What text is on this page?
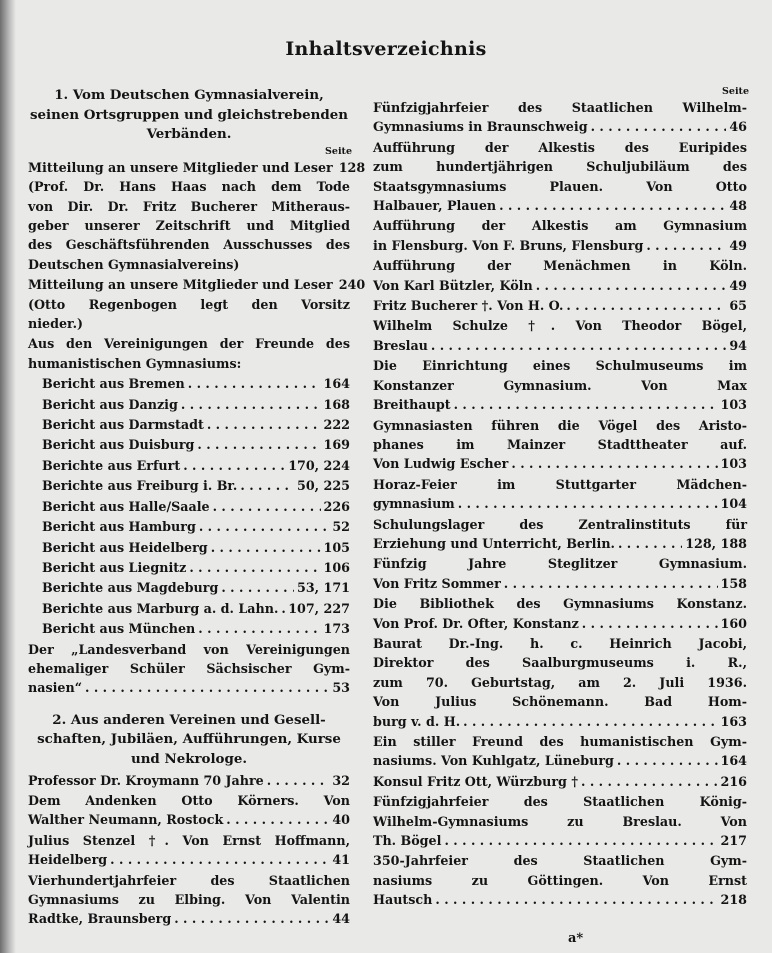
Inhaltsverzeichnis
1. Vom Deutschen Gymnasialverein,
seinen Ortsgruppen und gleichstrebenden
Verbänden.
Seite
Mitteilung an unsere Mitglieder und Leser 128
(Prof. Dr. Hans Haas nach dem Tode
von Dir. Dr. Fritz Bucherer Mitheraus-
geber unserer Zeitschrift und Mitglied
des Geschäftsführenden Ausschusses des
Deutschen Gymnasialvereins)
Mitteilung an unsere Mitglieder und Leser 240
(Otto Regenbogen legt den Vorsitz
nieder.)
Aus den Vereinigungen der Freunde des
humanistischen Gymnasiums:
Bericht aus Bremen . . .	164
Bericht aus Danzig . . .	168
Bericht aus Darmstadt . . .	222
Bericht aus Duisburg . . .	169
Berichte aus Erfurt . . .	170, 224
Berichte aus Freiburg i. Br. . . .	50, 225
Bericht aus Halle/Saale . . .	226
Bericht aus Hamburg . . .	52
Bericht aus Heidelberg . . .	105
Bericht aus Liegnitz . . .	106
Berichte aus Magdeburg . . .	53, 171
Berichte aus Marburg a. d. Lahn. . . . 107, 227
Bericht aus München . . .	173
Der „Landesverband von Vereinigungen
ehemaliger Schüler Sächsischer Gym-
nasien“ . . .	53
2. Aus anderen Vereinen und Gesell-
schaften, Jubiläen, Aufführungen, Kurse
und Nekrologe.
Professor Dr. Kroymann 70 Jahre . . .	32
Dem Andenken Otto Körners. Von
Walther Neumann, Rostock . . .	40
Julius Stenzel †. Von Ernst Hoffmann,
Heidelberg . . .	41
Vierhundertjahrfeier des Staatlichen
Gymnasiums zu Elbing. Von Valentin
Radtke, Braunsberg . . .	44
Seite
Fünfzigjahrfeier des Staatlichen Wilhelm-
Gymnasiums in Braunschweig . . .	46
Aufführung der Alkestis des Euripides
zum hundertjährigen Schuljubiläum des
Staatsgymnasiums Plauen. Von Otto
Halbauer, Plauen . . .	48
Aufführung der Alkestis am Gymnasium
in Flensburg. Von F. Bruns, Flensburg . . .	49
Aufführung der Menächmen in Köln.
Von Karl Bützler, Köln . . .	49
Fritz Bucherer †. Von H. O. . . .	65
Wilhelm Schulze †. Von Theodor Bögel,
Breslau . . .	94
Die Einrichtung eines Schulmuseums im
Konstanzer Gymnasium. Von Max
Breithaupt . . .	103
Gymnasiasten führen die Vögel des Aristo-
phanes im Mainzer Stadttheater auf.
Von Ludwig Escher . . .	103
Horaz-Feier im Stuttgarter Mädchen-
gymnasium . . .	104
Schulungslager des Zentralinstituts für
Erziehung und Unterricht, Berlin. . . .	128, 188
Fünfzig Jahre Steglitzer Gymnasium.
Von Fritz Sommer . . .	158
Die Bibliothek des Gymnasiums Konstanz.
Von Prof. Dr. Ofter, Konstanz . . .	160
Baurat Dr.-Ing. h. c. Heinrich Jacobi,
Direktor des Saalburgmuseums i. R.,
zum 70. Geburtstag, am 2. Juli 1936.
Von Julius Schönemann. Bad Hom-
burg v. d. H. . . .	163
Ein stiller Freund des humanistischen Gym-
nasiums. Von Kuhlgatz, Lüneburg . . .	164
Konsul Fritz Ott, Würzburg † . . .	216
Fünfzigjahrfeier des Staatlichen König-
Wilhelm-Gymnasiums zu Breslau. Von
Th. Bögel . . .	217
350-Jahrfeier des Staatlichen Gym-
nasiums zu Göttingen. Von Ernst
Hautsch . . .	218
a*
